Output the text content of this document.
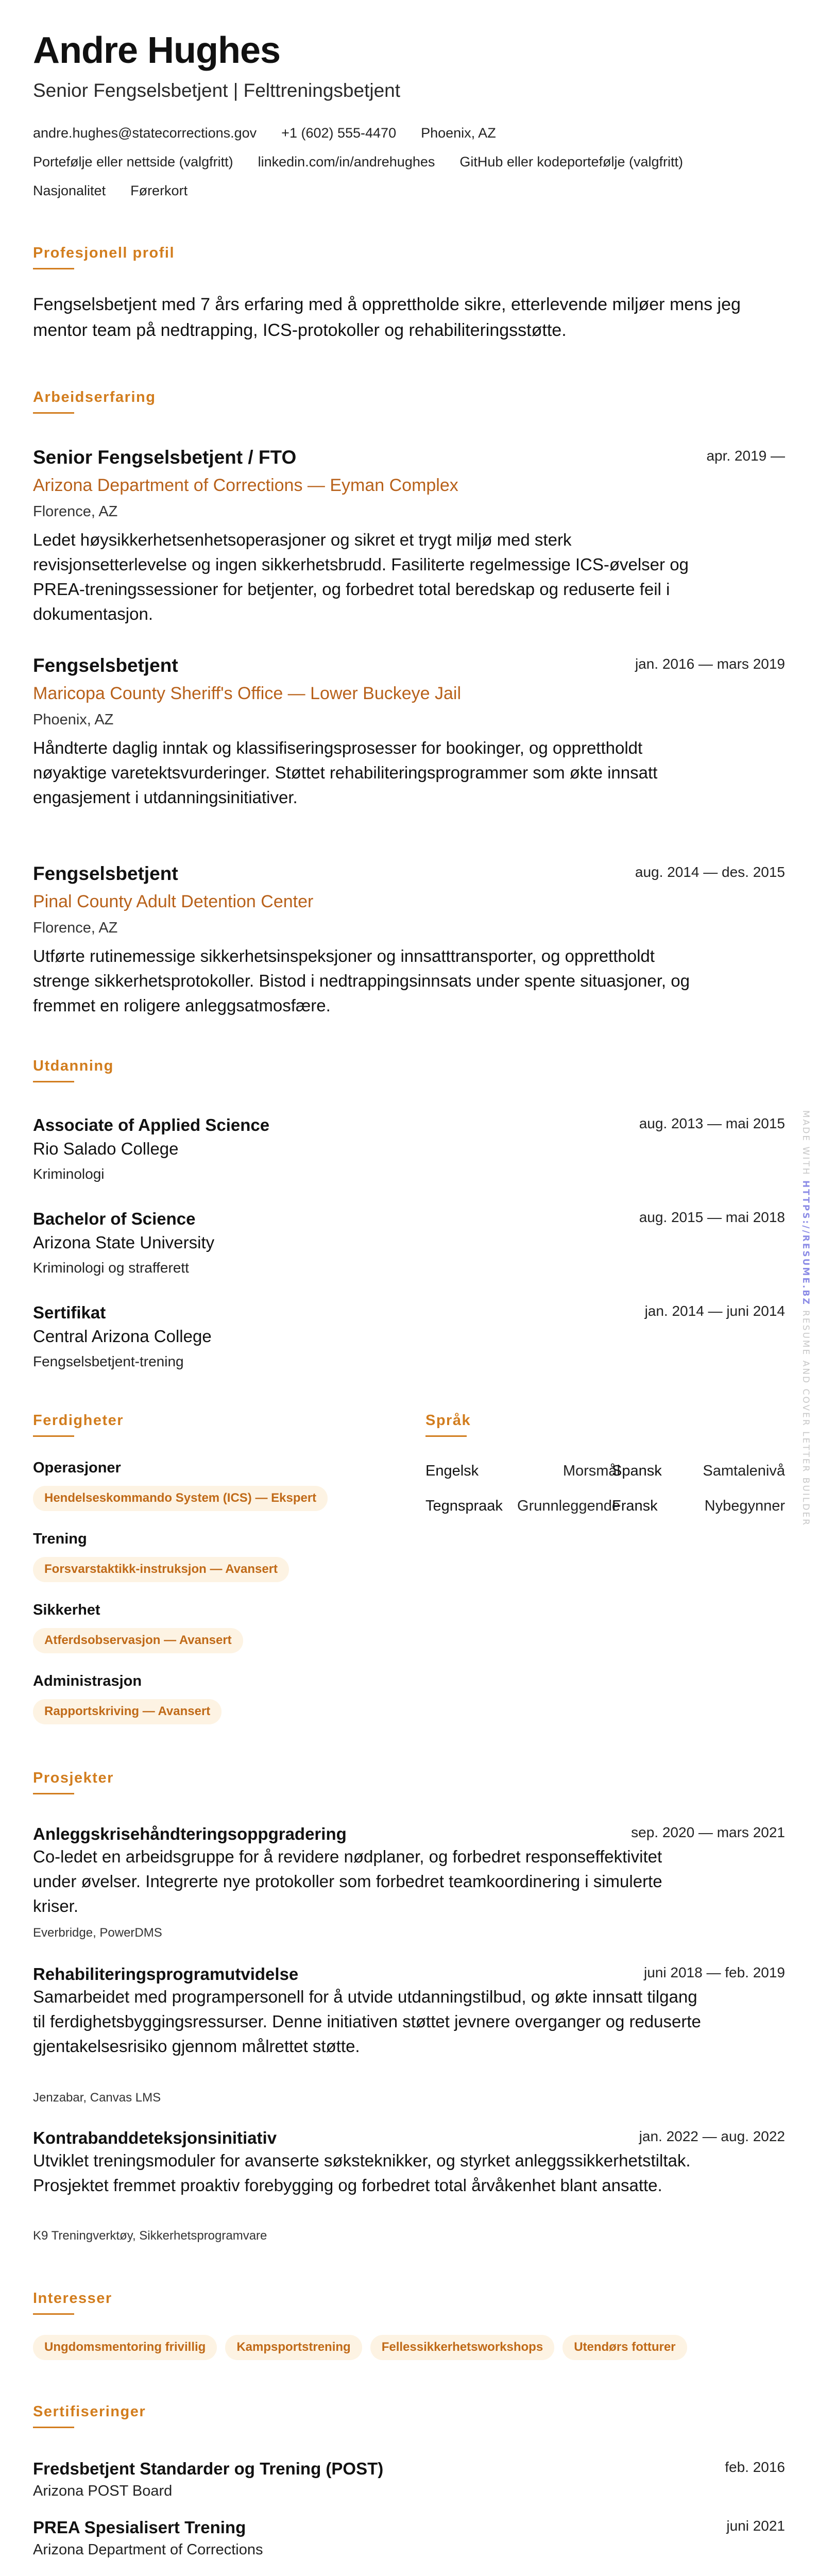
Andre Hughes
Senior Fengselsbetjent | Felttreningsbetjent
andre.hughes@statecorrections.gov +1 (602) 555-4470 Phoenix, AZ
Portefølje eller nettside (valgfritt) linkedin.com/in/andrehughes GitHub eller kodeportefølje (valgfritt)
Nasjonalitet Førerkort
Profesjonell profil
Fengselsbetjent med 7 års erfaring med å opprettholde sikre, etterlevende miljøer mens jeg mentor team på nedtrapping, ICS-protokoller og rehabiliteringsstøtte.
Arbeidserfaring
Senior Fengselsbetjent / FTO	apr. 2019 —
Arizona Department of Corrections — Eyman Complex
Florence, AZ
Ledet høysikkerhetsenhetsoperasjoner og sikret et trygt miljø med sterk revisjonsetterlevelse og ingen sikkerhetsbrudd. Fasiliterte regelmessige ICS-øvelser og PREA-treningssessioner for betjenter, og forbedret total beredskap og reduserte feil i dokumentasjon.
Fengselsbetjent	jan. 2016 — mars 2019
Maricopa County Sheriff's Office — Lower Buckeye Jail
Phoenix, AZ
Håndterte daglig inntak og klassifiseringsprosesser for bookinger, og opprettholdt nøyaktige varetektsvurderinger. Støttet rehabiliteringsprogrammer som økte innsatt engasjement i utdanningsinitiativer.
Fengselsbetjent	aug. 2014 — des. 2015
Pinal County Adult Detention Center
Florence, AZ
Utførte rutinemessige sikkerhetsinspeksjoner og innsatttransporter, og opprettholdt strenge sikkerhetsprotokoller. Bistod i nedtrappingsinnsats under spente situasjoner, og fremmet en roligere anleggsatmosfære.
Utdanning
Associate of Applied Science	aug. 2013 — mai 2015
Rio Salado College
Kriminologi
Bachelor of Science	aug. 2015 — mai 2018
Arizona State University
Kriminologi og strafferett
Sertifikat	jan. 2014 — juni 2014
Central Arizona College
Fengselsbetjent-trening
Ferdigheter
Operasjoner
Hendelseskommando System (ICS) — Ekspert
Trening
Forsvarstaktikk-instruksjon — Avansert
Sikkerhet
Atferdsobservasjon — Avansert
Administrasjon
Rapportskriving — Avansert
Språk
Engelsk	Morsmål
Spansk	Samtalenivå
Tegnspraak Grunnleggende
Fransk	Nybegynner
Prosjekter
Anleggskrisehåndteringsoppgradering	sep. 2020 — mars 2021
Co-ledet en arbeidsgruppe for å revidere nødplaner, og forbedret responseffektivitet under øvelser. Integrerte nye protokoller som forbedret teamkoordinering i simulerte kriser.
Everbridge, PowerDMS
Rehabiliteringsprogramutvidelse	juni 2018 — feb. 2019
Samarbeidet med programpersonell for å utvide utdanningstilbud, og økte innsatt tilgang til ferdighetsbyggingsressurser. Denne initiativen støttet jevnere overganger og reduserte gjentakelsesrisiko gjennom målrettet støtte.
Jenzabar, Canvas LMS
Kontrabanddeteksjonsinitiativ	jan. 2022 — aug. 2022
Utviklet treningsmoduler for avanserte søksteknikker, og styrket anleggssikkerhetstiltak. Prosjektet fremmet proaktiv forebygging og forbedret total årvåkenhet blant ansatte.
K9 Treningverktøy, Sikkerhetsprogramvare
Interesser
Ungdomsmentoring frivillig	Kampsportstrening	Fellessikkerhetsworkshops	Utendørs fotturer
Sertifiseringer
Fredsbetjent Standarder og Trening (POST)	feb. 2016
Arizona POST Board
PREA Spesialisert Trening	juni 2021
Arizona Department of Corrections
MADE WITH HTTPS://RESUME.BZ RESUME AND COVER LETTER BUILDER
